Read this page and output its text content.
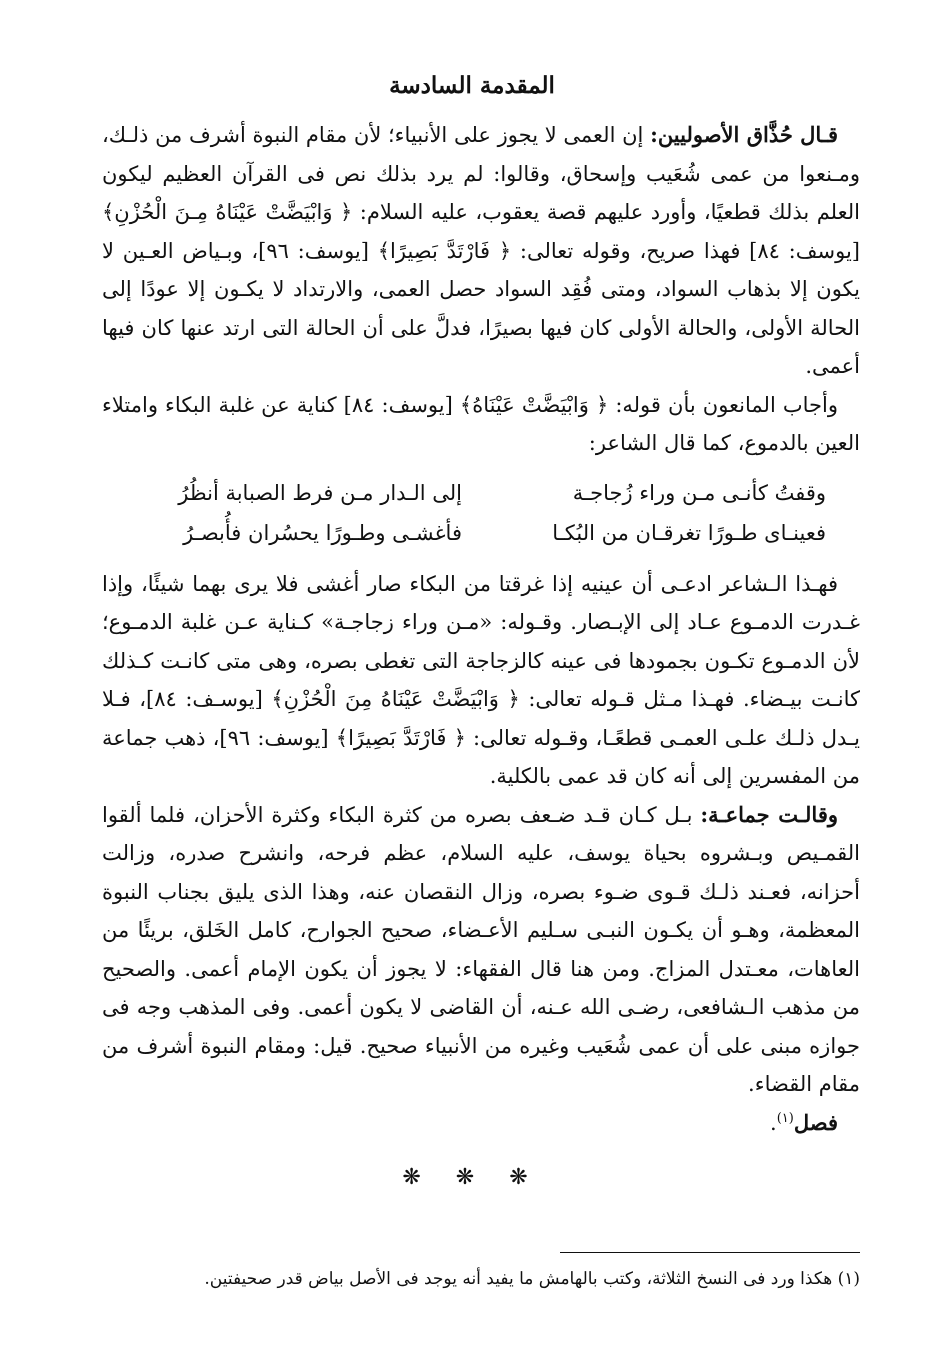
المقدمة السادسة

قـال حُذَّاق الأصوليين: إن العمى لا يجوز على الأنبياء؛ لأن مقام النبوة أشرف من ذلـك، ومـنعوا من عمى شُعَيب وإسحاق، وقالوا: لم يرد بذلك نص فى القرآن العظيم ليكون العلم بذلك قطعيًا، وأورد عليهم قصة يعقوب، عليه السلام: ﴿ وَابْيَضَّتْ عَيْنَاهُ مِـنَ الْحُزْنِ﴾ [يوسف: ٨٤] فهذا صريح، وقوله تعالى: ﴿ فَارْتَدَّ بَصِيرًا﴾ [يوسف: ٩٦]، وبـياض العـين لا يكون إلا بذهاب السواد، ومتى فُقِد السواد حصل العمى، والارتداد لا يكـون إلا عودًا إلى الحالة الأولى، والحالة الأولى كان فيها بصيرًا، فدلَّ على أن الحالة التى ارتد عنها كان فيها أعمى.

وأجاب المانعون بأن قوله: ﴿ وَابْيَضَّتْ عَيْنَاهُ﴾ [يوسف: ٨٤] كناية عن غلبة البكاء وامتلاء العين بالدموع، كما قال الشاعر:

وقفتُ كأنـى مـن وراء زُجاجـة
إلى الـدار مـن فرط الصبابة أنظُرُ
فعينـاى طـورًا تغرقـان من البُكـا
فأغشـى وطـورًا يحسُران فأُبصـرُ

فهـذا الـشاعر ادعـى أن عينيه إذا غرقتا من البكاء صار أغشى فلا يرى بهما شيئًا، وإذا غـدرت الدمـوع عـاد إلى الإبـصار. وقـوله: «مـن وراء زجاجـة» كـناية عـن غلبة الدمـوع؛ لأن الدمـوع تكـون بجمودها فى عينه كالزجاجة التى تغطى بصره، وهى متى كانـت كـذلك كانـت بيـضاء. فهـذا مـثل قـوله تعالى: ﴿ وَابْيَضَّتْ عَيْنَاهُ مِنَ الْحُزْنِ﴾ [يوسـف: ٨٤]، فـلا يـدل ذلـك علـى العمـى قطعًـا، وقـوله تعالى: ﴿ فَارْتَدَّ بَصِيرًا﴾ [يوسف: ٩٦]، ذهب جماعة من المفسرين إلى أنه كان قد عمى بالكلية.

وقالـت جماعـة: بـل كـان قـد ضـعف بصره من كثرة البكاء وكثرة الأحزان، فلما ألقوا القمـيص وبـشروه بحياة يوسف، عليه السلام، عظم فرحه، وانشرح صدره، وزالت أحزانه، فعـند ذلـك قـوى ضـوء بصره، وزال النقصان عنه، وهذا الذى يليق بجناب النبوة المعظمة، وهـو أن يكـون النبـى سـليم الأعـضاء، صحيح الجوارح، كامل الخَلق، بريئًا من العاهات، معـتدل المزاج. ومن هنا قال الفقهاء: لا يجوز أن يكون الإمام أعمى. والصحيح من مذهب الـشافعى، رضـى الله عـنه، أن القاضى لا يكون أعمى. وفى المذهب وجه فى جوازه مبنى على أن عمى شُعَيب وغيره من الأنبياء صحيح. قيل: ومقام النبوة أشرف من مقام القضاء.

فصل$^{(١)}$.

❋ ❋ ❋
(١) هكذا ورد فى النسخ الثلاثة، وكتب بالهامش ما يفيد أنه يوجد فى الأصل بياض قدر صحيفتين.
